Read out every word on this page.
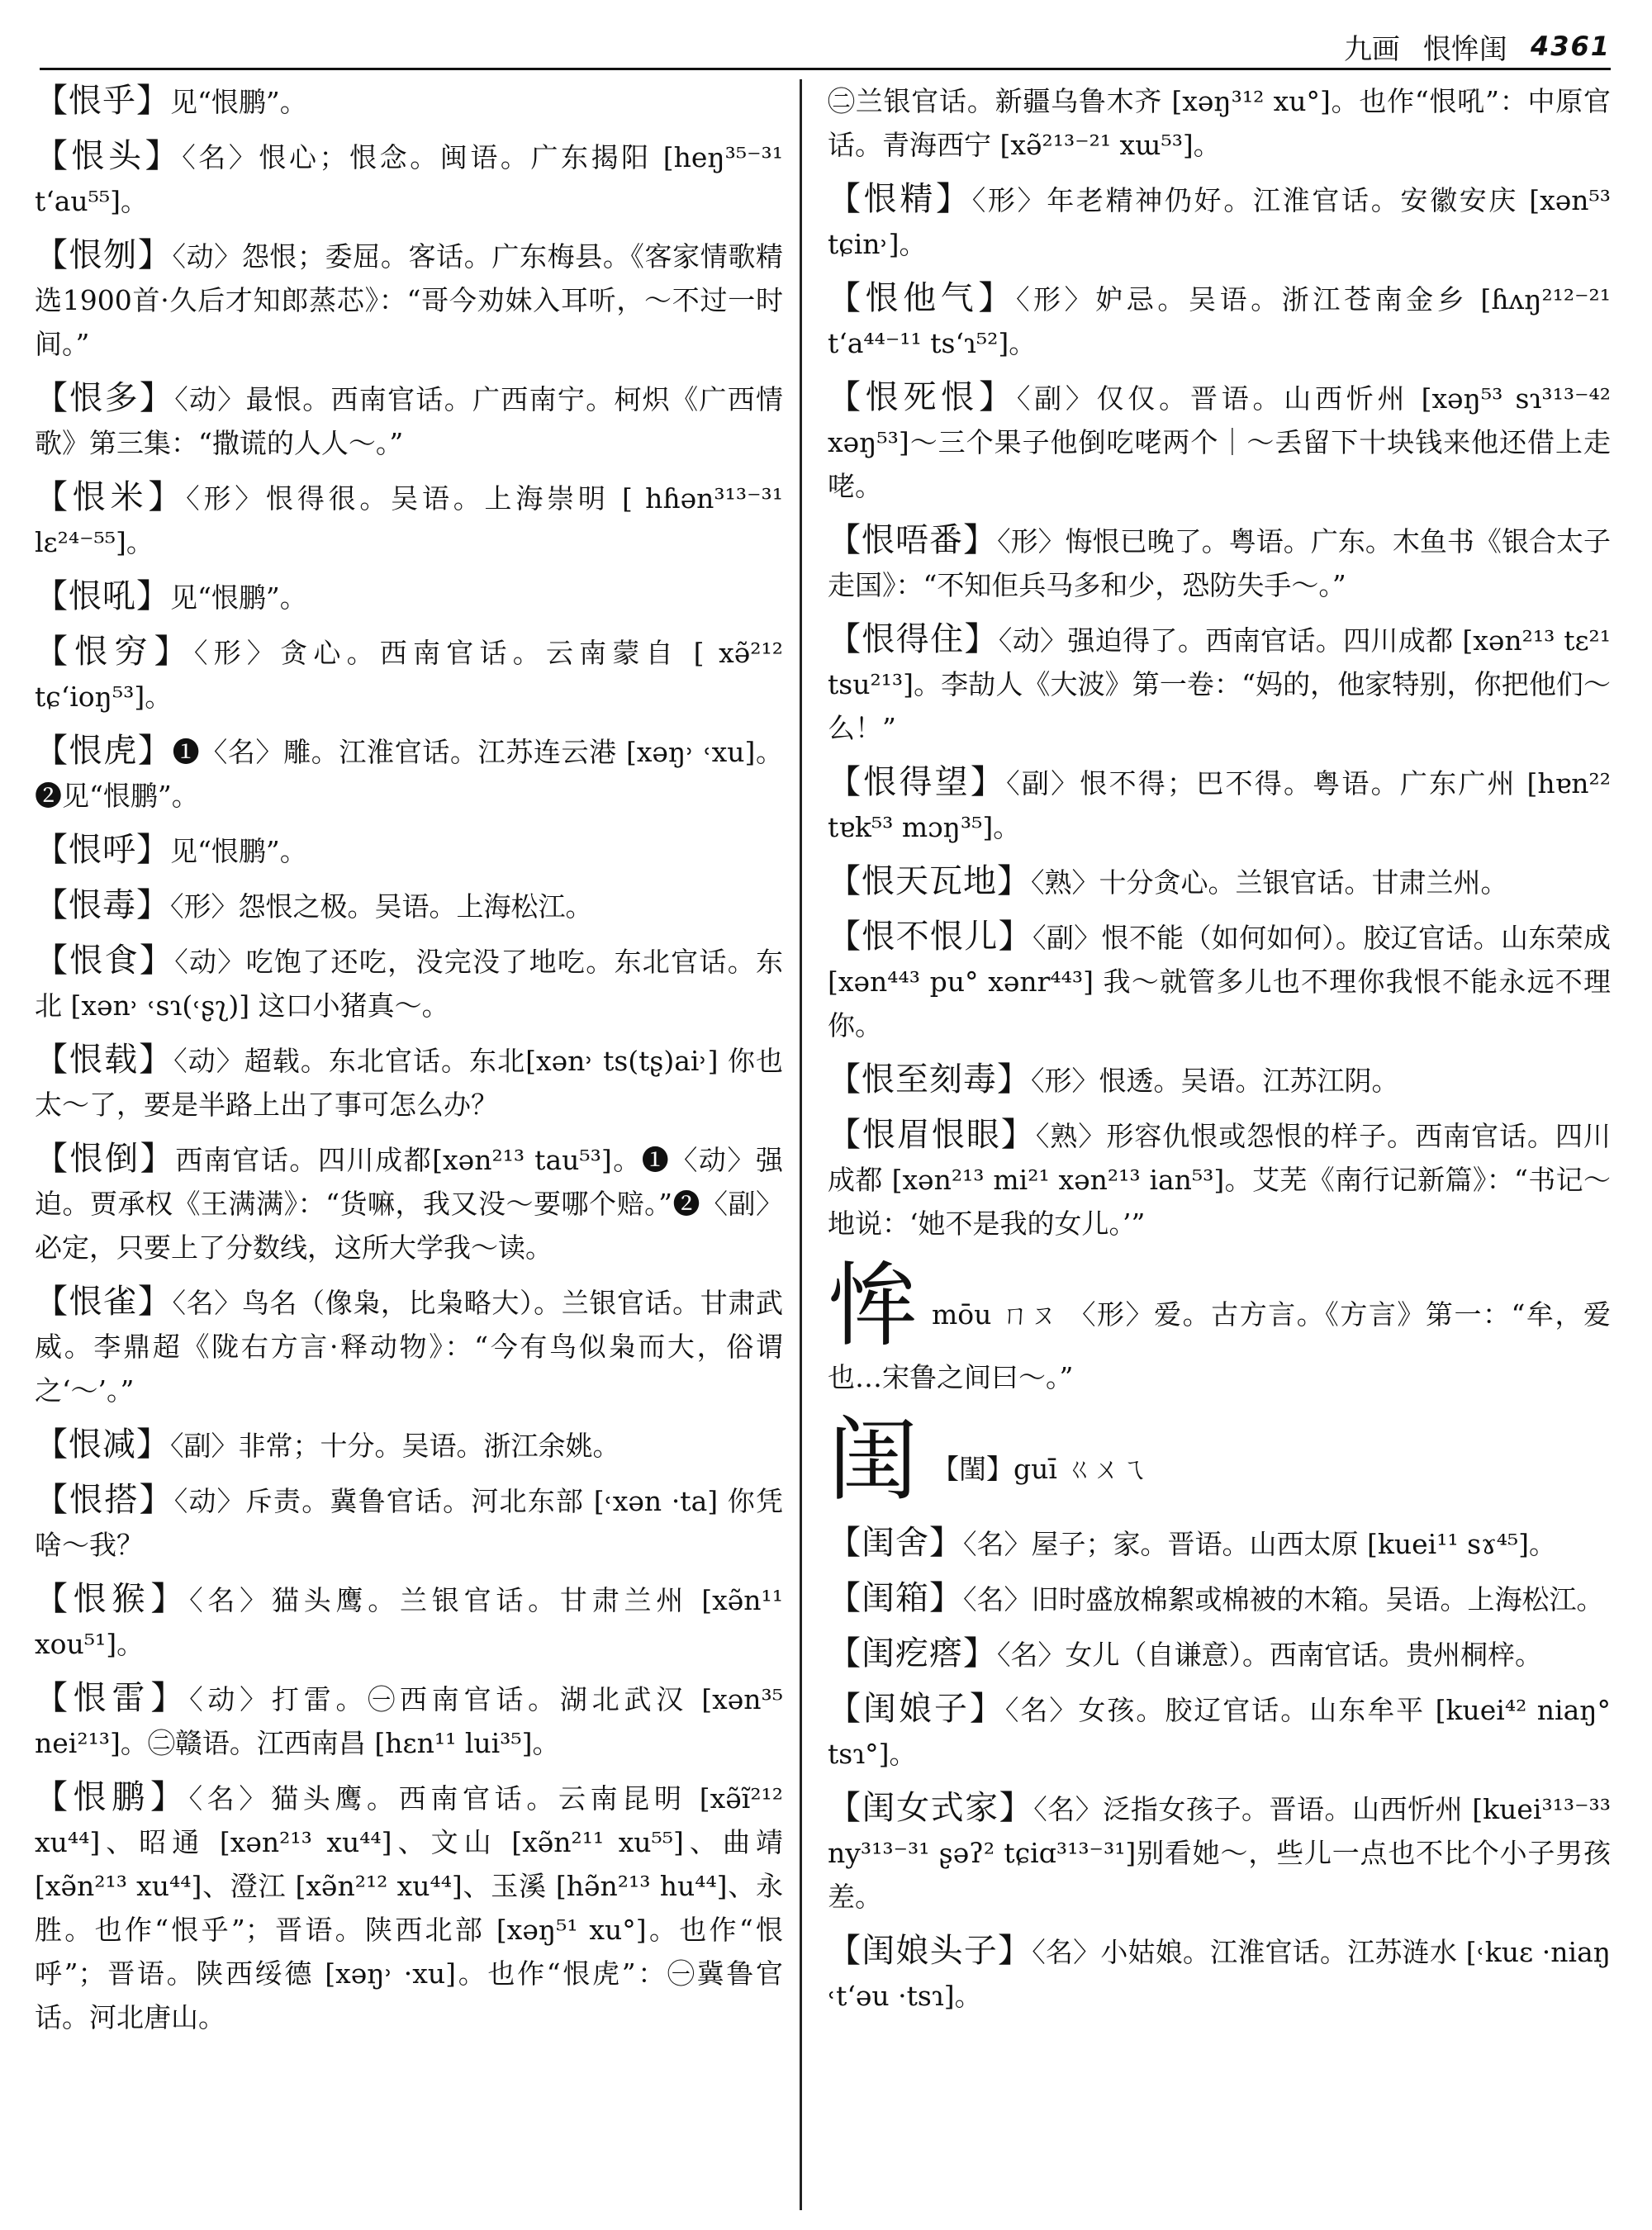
九画 恨恈闺 4361

【恨乎】见“恨鹏”。

【恨头】〈名〉恨心；恨念。闽语。广东揭阳 [heŋ³⁵⁻³¹ tʻau⁵⁵]。

【恨刎】〈动〉怨恨；委屈。客话。广东梅县。《客家情歌精选1900首·久后才知郎蒸芯》：“哥今劝妹入耳听，～不过一时间。”

【恨多】〈动〉最恨。西南官话。广西南宁。柯炽《广西情歌》第三集：“撒谎的人人～。”

【恨米】〈形〉恨得很。吴语。上海崇明 [ hɦən³¹³⁻³¹ lɛ²⁴⁻⁵⁵]。

【恨吼】见“恨鹏”。

【恨穷】〈形〉贪心。西南官话。云南蒙自 [ xə̃²¹² tɕʻioŋ⁵³]。

【恨虎】❶〈名〉雕。江淮官话。江苏连云港 [xəŋ˒ ˓xu]。❷见“恨鹏”。

【恨呼】见“恨鹏”。

【恨毒】〈形〉怨恨之极。吴语。上海松江。

【恨食】〈动〉吃饱了还吃，没完没了地吃。东北官话。东北 [xən˒ ˓sɿ(˓ʂʅ)] 这口小猪真～。

【恨载】〈动〉超载。东北官话。东北[xən˒ ts(tʂ)ai˒] 你也太～了，要是半路上出了事可怎么办？

【恨倒】西南官话。四川成都[xən²¹³ tau⁵³]。❶〈动〉强迫。贾承权《王满满》：“货嘛，我又没～要哪个赔。”❷〈副〉必定，只要上了分数线，这所大学我～读。

【恨雀】〈名〉鸟名（像枭，比枭略大）。兰银官话。甘肃武威。李鼎超《陇右方言·释动物》：“今有鸟似枭而大，俗谓之‘～’。”

【恨减】〈副〉非常；十分。吴语。浙江余姚。

【恨搭】〈动〉斥责。冀鲁官话。河北东部 [˓xən ·ta] 你凭啥～我？

【恨猴】〈名〉猫头鹰。兰银官话。甘肃兰州 [xə̃n¹¹ xou⁵¹]。

【恨雷】〈动〉打雷。㊀西南官话。湖北武汉 [xən³⁵ nei²¹³]。㊁赣语。江西南昌 [hɛn¹¹ lui³⁵]。

【恨鹏】〈名〉猫头鹰。西南官话。云南昆明 [xə̃ĩ²¹² xu⁴⁴]、昭通 [xən²¹³ xu⁴⁴]、文山 [xə̃n²¹¹ xu⁵⁵]、曲靖 [xə̃n²¹³ xu⁴⁴]、澄江 [xə̃n²¹² xu⁴⁴]、玉溪 [hə̃n²¹³ hu⁴⁴]、永胜。也作“恨乎”；晋语。陕西北部 [xəŋ⁵¹ xu°]。也作“恨呼”；晋语。陕西绥德 [xəŋ˒ ·xu]。也作“恨虎”：㊀冀鲁官话。河北唐山。

㊁兰银官话。新疆乌鲁木齐 [xəŋ³¹² xu°]。也作“恨吼”：中原官话。青海西宁 [xə̃²¹³⁻²¹ xɯ⁵³]。

【恨精】〈形〉年老精神仍好。江淮官话。安徽安庆 [xən⁵³ tɕin˒]。

【恨他气】〈形〉妒忌。吴语。浙江苍南金乡 [ɦʌŋ²¹²⁻²¹ tʻa⁴⁴⁻¹¹ tsʻɿ⁵²]。

【恨死恨】〈副〉仅仅。晋语。山西忻州 [xəŋ⁵³ sɿ³¹³⁻⁴² xəŋ⁵³]～三个果子他倒吃咾两个｜～丢留下十块钱来他还借上走咾。

【恨唔番】〈形〉悔恨已晚了。粤语。广东。木鱼书《银合太子走国》：“不知佢兵马多和少，恐防失手～。”

【恨得住】〈动〉强迫得了。西南官话。四川成都 [xən²¹³ tɛ²¹ tsu²¹³]。李劼人《大波》第一卷：“妈的，他家特别，你把他们～么！”

【恨得望】〈副〉恨不得；巴不得。粤语。广东广州 [hɐn²² tɐk⁵³ mɔŋ³⁵]。

【恨天瓦地】〈熟〉十分贪心。兰银官话。甘肃兰州。

【恨不恨儿】〈副〉恨不能（如何如何）。胶辽官话。山东荣成 [xən⁴⁴³ pu° xənr⁴⁴³] 我～就管多儿也不理你我恨不能永远不理你。

【恨至刻毒】〈形〉恨透。吴语。江苏江阴。

【恨眉恨眼】〈熟〉形容仇恨或怨恨的样子。西南官话。四川成都 [xən²¹³ mi²¹ xən²¹³ ian⁵³]。艾芜《南行记新篇》：“书记～地说：‘她不是我的女儿。’”

恈mōu ㄇㄡ 〈形〉爱。古方言。《方言》第一：“牟，爱也…宋鲁之间曰～。”

闺 【閨】guī ㄍㄨㄟ

【闺舍】〈名〉屋子；家。晋语。山西太原 [kuei¹¹ sɤ⁴⁵]。

【闺箱】〈名〉旧时盛放棉絮或棉被的木箱。吴语。上海松江。

【闺疙瘩】〈名〉女儿（自谦意）。西南官话。贵州桐梓。

【闺娘子】〈名〉女孩。胶辽官话。山东牟平 [kuei⁴² niaŋ° tsɿ°]。

【闺女式家】〈名〉泛指女孩子。晋语。山西忻州 [kuei³¹³⁻³³ ny³¹³⁻³¹ ʂəʔ² tɕiɑ³¹³⁻³¹]别看她～，些儿一点也不比个小子男孩差。

【闺娘头子】〈名〉小姑娘。江淮官话。江苏涟水 [˓kuɛ ·niaŋ ˓tʻəu ·tsɿ]。
